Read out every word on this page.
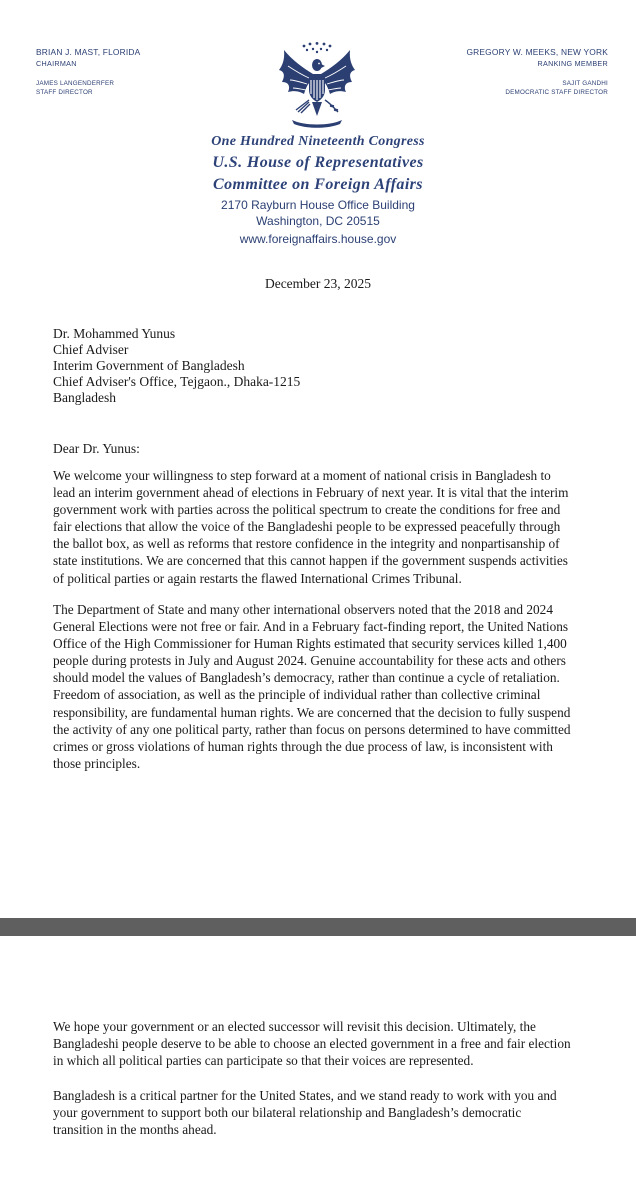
BRIAN J. MAST, FLORIDA
CHAIRMAN
JAMES LANGENDERFER
STAFF DIRECTOR
GREGORY W. MEEKS, NEW YORK
RANKING MEMBER
SAJIT GANDHI
DEMOCRATIC STAFF DIRECTOR
One Hundred Nineteenth Congress
U.S. House of Representatives
Committee on Foreign Affairs
2170 Rayburn House Office Building
Washington, DC 20515
www.foreignaffairs.house.gov
December 23, 2025
Dr. Mohammed Yunus
Chief Adviser
Interim Government of Bangladesh
Chief Adviser's Office, Tejgaon., Dhaka-1215
Bangladesh
Dear Dr. Yunus:
We welcome your willingness to step forward at a moment of national crisis in Bangladesh to
lead an interim government ahead of elections in February of next year. It is vital that the interim
government work with parties across the political spectrum to create the conditions for free and
fair elections that allow the voice of the Bangladeshi people to be expressed peacefully through
the ballot box, as well as reforms that restore confidence in the integrity and nonpartisanship of
state institutions. We are concerned that this cannot happen if the government suspends activities
of political parties or again restarts the flawed International Crimes Tribunal.
The Department of State and many other international observers noted that the 2018 and 2024
General Elections were not free or fair. And in a February fact-finding report, the United Nations
Office of the High Commissioner for Human Rights estimated that security services killed 1,400
people during protests in July and August 2024. Genuine accountability for these acts and others
should model the values of Bangladesh’s democracy, rather than continue a cycle of retaliation.
Freedom of association, as well as the principle of individual rather than collective criminal
responsibility, are fundamental human rights. We are concerned that the decision to fully suspend
the activity of any one political party, rather than focus on persons determined to have committed
crimes or gross violations of human rights through the due process of law, is inconsistent with
those principles.
We hope your government or an elected successor will revisit this decision. Ultimately, the
Bangladeshi people deserve to be able to choose an elected government in a free and fair election
in which all political parties can participate so that their voices are represented.
Bangladesh is a critical partner for the United States, and we stand ready to work with you and
your government to support both our bilateral relationship and Bangladesh’s democratic
transition in the months ahead.
